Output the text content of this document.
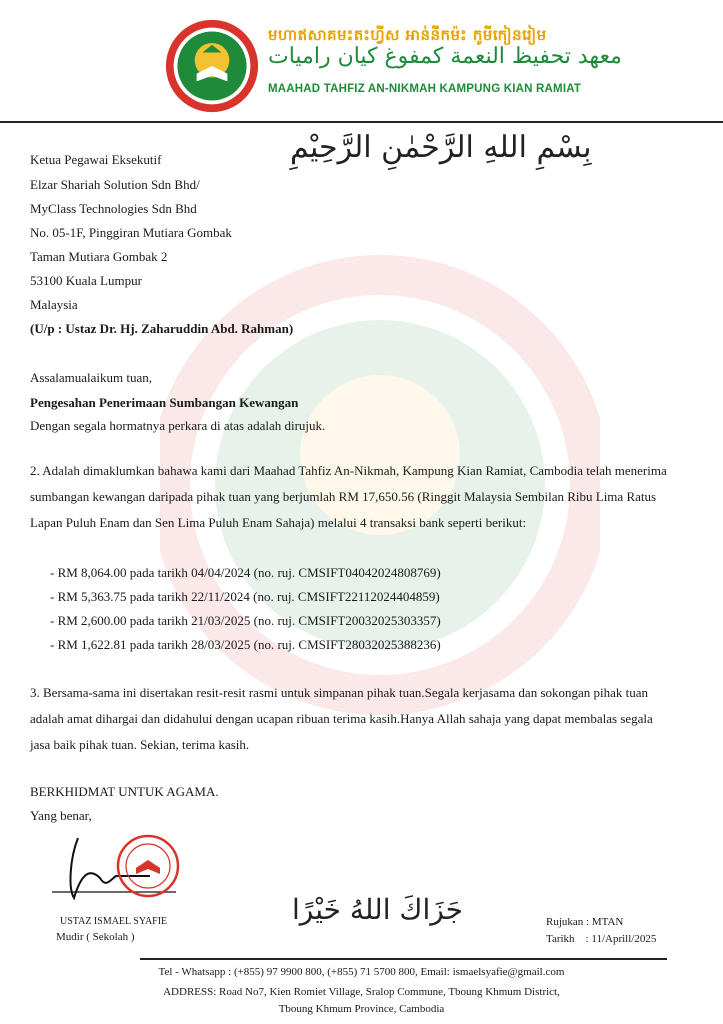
មហាឥសាគមះតះហ្វីស អាន់នីកម៉ះ កូមីកៀនរៀម
معهد تحفيظ النعمة كمفوغ كيان راميات
MAAHAD TAHFIZ AN-NIKMAH KAMPUNG KIAN RAMIAT
بِسْمِ اللهِ الرَّحْمٰنِ الرَّحِيْمِ
Ketua Pegawai Eksekutif
Elzar Shariah Solution Sdn Bhd/
MyClass Technologies Sdn Bhd
No. 05-1F, Pinggiran Mutiara Gombak
Taman Mutiara Gombak 2
53100 Kuala Lumpur
Malaysia
(U/p : Ustaz Dr. Hj. Zaharuddin Abd. Rahman)
Assalamualaikum tuan,
Pengesahan Penerimaan Sumbangan Kewangan
Dengan segala hormatnya perkara di atas adalah dirujuk.
2. Adalah dimaklumkan bahawa kami dari Maahad Tahfiz An-Nikmah, Kampung Kian Ramiat, Cambodia telah menerima sumbangan kewangan daripada pihak tuan yang berjumlah RM 17,650.56 (Ringgit Malaysia Sembilan Ribu Lima Ratus Lapan Puluh Enam dan Sen Lima Puluh Enam Sahaja) melalui 4 transaksi bank seperti berikut:
- RM 8,064.00 pada tarikh 04/04/2024 (no. ruj. CMSIFT04042024808769)
- RM 5,363.75 pada tarikh 22/11/2024 (no. ruj. CMSIFT22112024404859)
- RM 2,600.00 pada tarikh 21/03/2025 (no. ruj. CMSIFT20032025303357)
- RM 1,622.81 pada tarikh 28/03/2025 (no. ruj. CMSIFT28032025388236)
3. Bersama-sama ini disertakan resit-resit rasmi untuk simpanan pihak tuan.Segala kerjasama dan sokongan pihak tuan adalah amat dihargai dan didahului dengan ucapan ribuan terima kasih.Hanya Allah sahaja yang dapat membalas segala jasa baik pihak tuan. Sekian, terima kasih.
BERKHIDMAT UNTUK AGAMA.
Yang benar,
USTAZ ISMAEL SYAFIE
Mudir ( Sekolah )
جَزَاكَ اللهُ خَيْرًا	Rujukan : MTAN
Tarikh    : 11/Aprill/2025
Tel - Whatsapp : (+855) 97 9900 800, (+855) 71 5700 800, Email: ismaelsyafie@gmail.com
ADDRESS: Road No7, Kien Romiet Village, Sralop Commune, Tboung Khmum District,
Tboung Khmum Province, Cambodia
